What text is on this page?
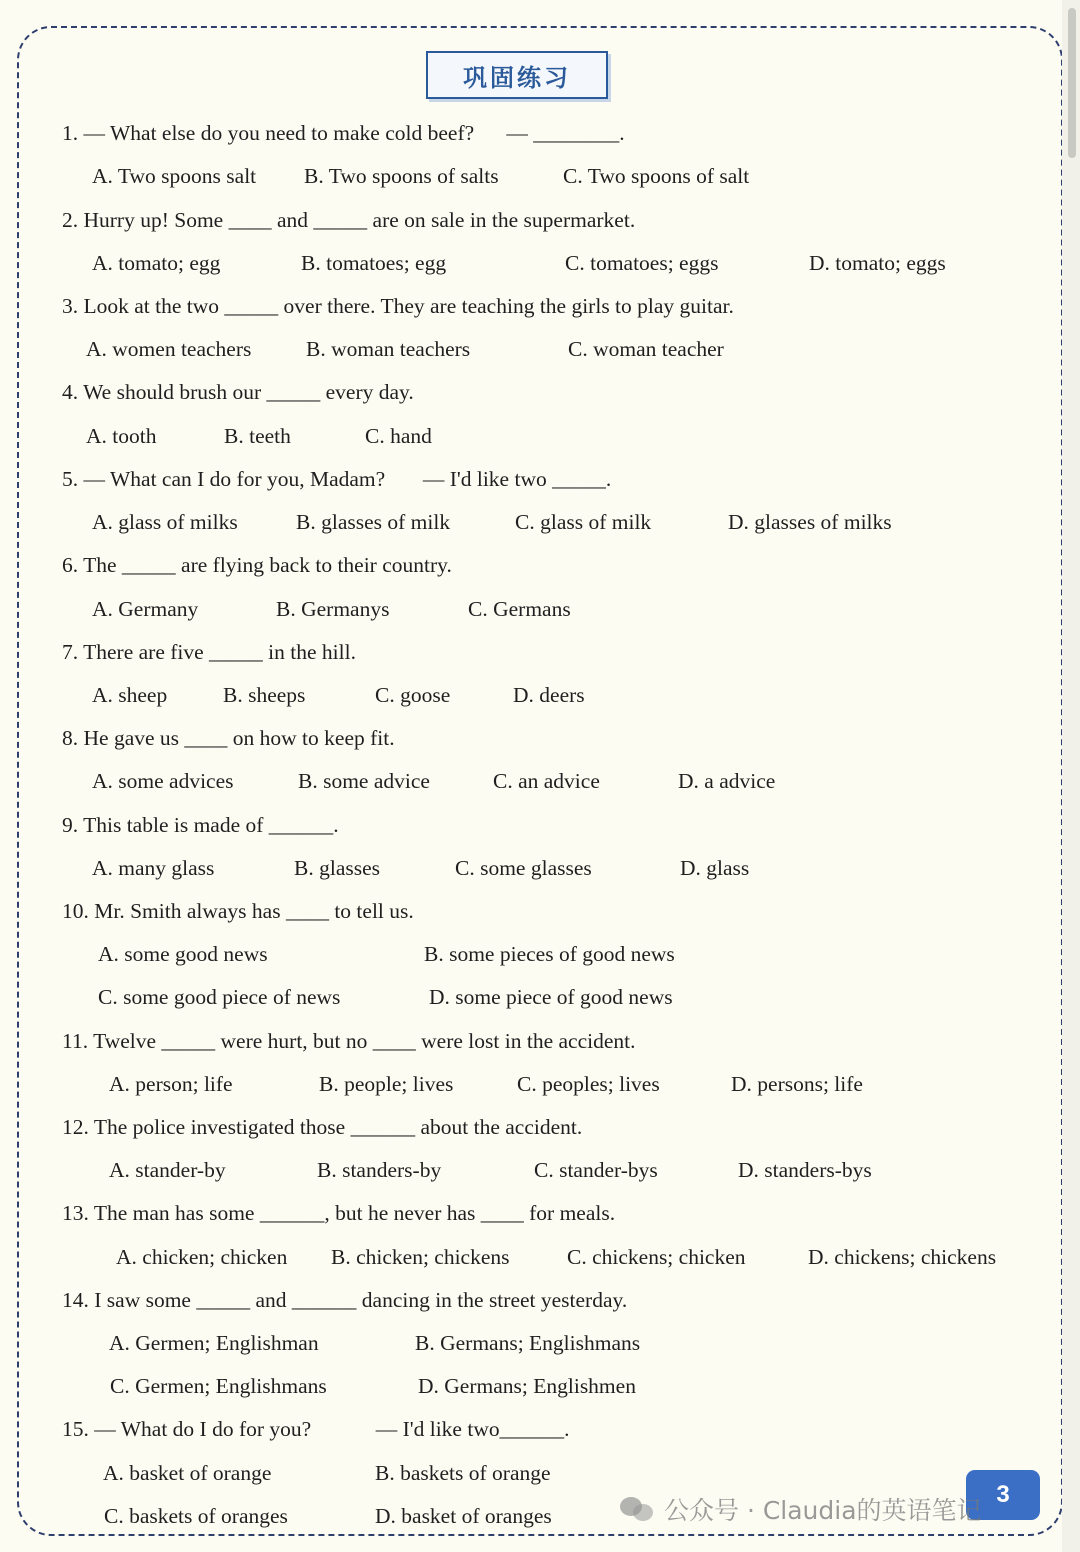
巩固练习
1. — What else do you need to make cold beef?      — ________.
A. Two spoons salt B. Two spoons of salts	C. Two spoons of salt
2. Hurry up! Some ____ and _____ are on sale in the supermarket.
A. tomato; egg	B. tomatoes; egg	C. tomatoes; eggs	D. tomato; eggs
3. Look at the two _____ over there. They are teaching the girls to play guitar.
A. women teachers	B. woman teachers	C. woman teacher
4. We should brush our _____ every day.
A. tooth	B. teeth	C. hand
5. — What can I do for you, Madam?       — I'd like two _____.
A. glass of milks	B. glasses of milk	C. glass of milk	D. glasses of milks
6. The _____ are flying back to their country.
A. Germany	B. Germanys	C. Germans
7. There are five _____ in the hill.
A. sheep	B. sheeps	C. goose	D. deers
8. He gave us ____ on how to keep fit.
A. some advices	B. some advice	C. an advice	D. a advice
9. This table is made of ______.
A. many glass	B. glasses	C. some glasses	D. glass
10. Mr. Smith always has ____ to tell us.
A. some good news	B. some pieces of good news
C. some good piece of news	D. some piece of good news
11. Twelve _____ were hurt, but no ____ were lost in the accident.
A. person; life	B. people; lives	C. peoples; lives	D. persons; life
12. The police investigated those ______ about the accident.
A. stander-by	B. standers-by	C. stander-bys	D. standers-bys
13. The man has some ______, but he never has ____ for meals.
A. chicken; chicken B. chicken; chickens	C. chickens; chicken	D. chickens; chickens
14. I saw some _____ and ______ dancing in the street yesterday.
A. Germen; Englishman	B. Germans; Englishmans
C. Germen; Englishmans	D. Germans; Englishmen
15. — What do I do for you?            — I'd like two______.
A. basket of orange	B. baskets of orange
C. baskets of oranges	D. basket of oranges
3
公众号 · Claudia的英语笔记
